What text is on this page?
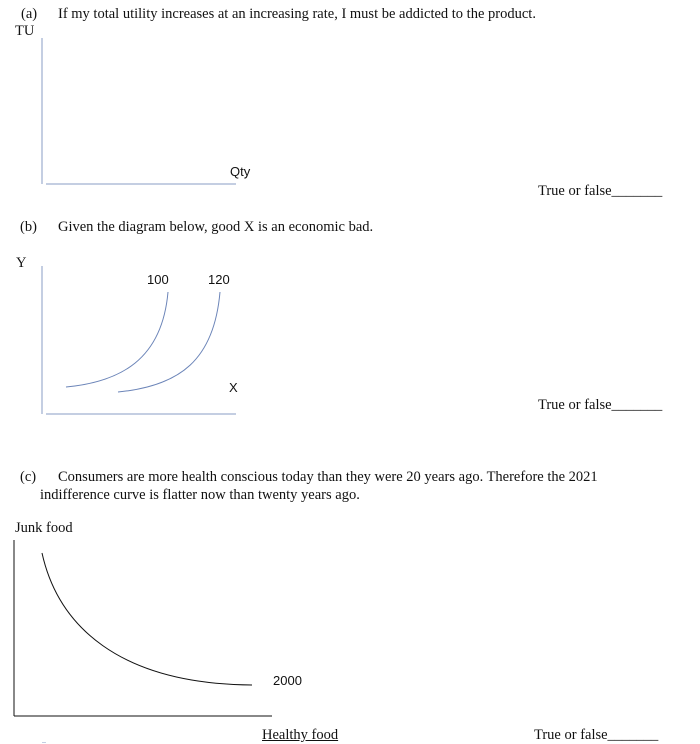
(a) If my total utility increases at an increasing rate, I must be addicted to the product.
TU
Qty
True or false_______
(b) Given the diagram below, good X is an economic bad.
Y
100	120
X
True or false_______
(c) Consumers are more health conscious today than they were 20 years ago. Therefore the 2021
indifference curve is flatter now than twenty years ago.
Junk food
2000
Healthy food	True or false_______
